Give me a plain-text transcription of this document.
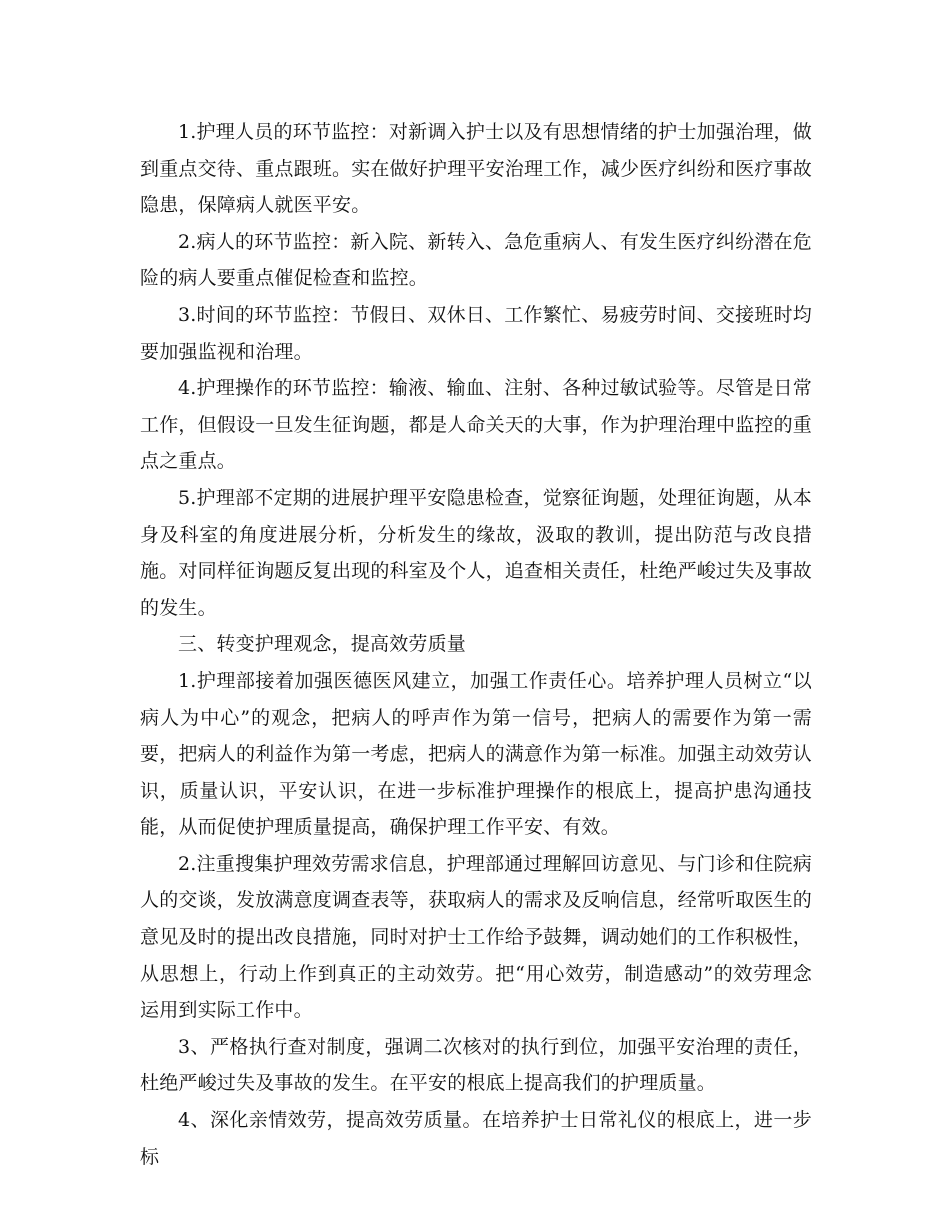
1.护理人员的环节监控：对新调入护士以及有思想情绪的护士加强治理，做到重点交待、重点跟班。实在做好护理平安治理工作，减少医疗纠纷和医疗事故隐患，保障病人就医平安。

2.病人的环节监控：新入院、新转入、急危重病人、有发生医疗纠纷潜在危险的病人要重点催促检查和监控。

3.时间的环节监控：节假日、双休日、工作繁忙、易疲劳时间、交接班时均要加强监视和治理。

4.护理操作的环节监控：输液、输血、注射、各种过敏试验等。尽管是日常工作，但假设一旦发生征询题，都是人命关天的大事，作为护理治理中监控的重点之重点。

5.护理部不定期的进展护理平安隐患检查，觉察征询题，处理征询题，从本身及科室的角度进展分析，分析发生的缘故，汲取的教训，提出防范与改良措施。对同样征询题反复出现的科室及个人，追查相关责任，杜绝严峻过失及事故的发生。

三、转变护理观念，提高效劳质量

1.护理部接着加强医德医风建立，加强工作责任心。培养护理人员树立“以病人为中心”的观念，把病人的呼声作为第一信号，把病人的需要作为第一需要，把病人的利益作为第一考虑，把病人的满意作为第一标准。加强主动效劳认识，质量认识，平安认识，在进一步标准护理操作的根底上，提高护患沟通技能，从而促使护理质量提高，确保护理工作平安、有效。

2.注重搜集护理效劳需求信息，护理部通过理解回访意见、与门诊和住院病人的交谈，发放满意度调查表等，获取病人的需求及反响信息，经常听取医生的意见及时的提出改良措施，同时对护士工作给予鼓舞，调动她们的工作积极性，从思想上，行动上作到真正的主动效劳。把“用心效劳，制造感动”的效劳理念运用到实际工作中。

3、严格执行查对制度，强调二次核对的执行到位，加强平安治理的责任，杜绝严峻过失及事故的发生。在平安的根底上提高我们的护理质量。

4、深化亲情效劳，提高效劳质量。在培养护士日常礼仪的根底上，进一步标
